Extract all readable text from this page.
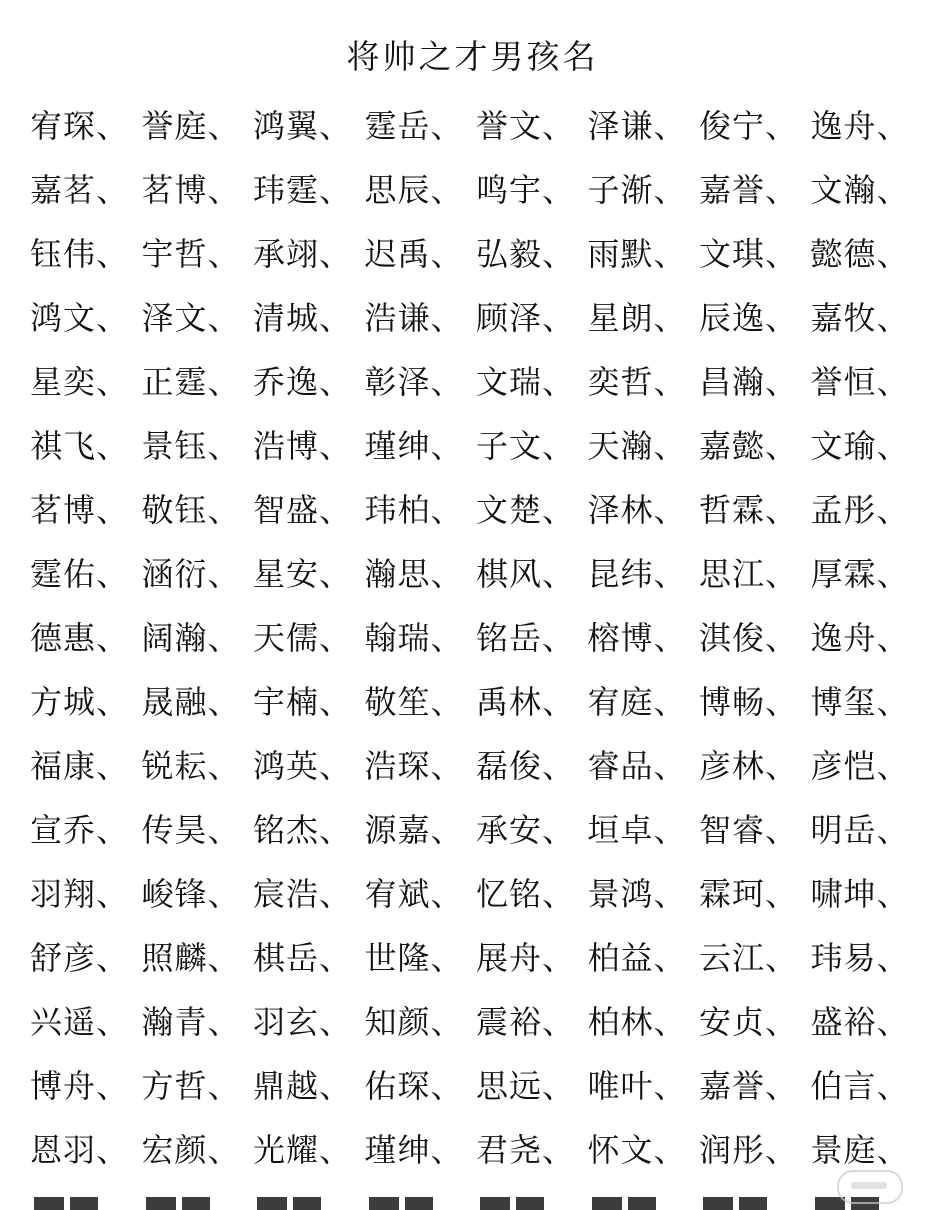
将帅之才男孩名
宥琛、 誉庭、 鸿翼、 霆岳、 誉文、 泽谦、 俊宁、 逸舟、
嘉茗、 茗博、 玮霆、 思辰、 鸣宇、 子渐、 嘉誉、 文瀚、
钰伟、 宇哲、 承翊、 迟禹、 弘毅、 雨默、 文琪、 懿德、
鸿文、 泽文、 清城、 浩谦、 顾泽、 星朗、 辰逸、 嘉牧、
星奕、 正霆、 乔逸、 彰泽、 文瑞、 奕哲、 昌瀚、 誉恒、
祺飞、 景钰、 浩博、 瑾绅、 子文、 天瀚、 嘉懿、 文瑜、
茗博、 敬钰、 智盛、 玮柏、 文楚、 泽林、 哲霖、 孟彤、
霆佑、 涵衍、 星安、 瀚思、 棋风、 昆纬、 思江、 厚霖、
德惠、 阔瀚、 天儒、 翰瑞、 铭岳、 榕博、 淇俊、 逸舟、
方城、 晟融、 宇楠、 敬笙、 禹林、 宥庭、 博畅、 博玺、
福康、 锐耘、 鸿英、 浩琛、 磊俊、 睿品、 彦林、 彦恺、
宣乔、 传昊、 铭杰、 源嘉、 承安、 垣卓、 智睿、 明岳、
羽翔、 峻锋、 宸浩、 宥斌、 忆铭、 景鸿、 霖珂、 啸坤、
舒彦、 照麟、 棋岳、 世隆、 展舟、 柏益、 云江、 玮易、
兴遥、 瀚青、 羽玄、 知颜、 震裕、 柏林、 安贞、 盛裕、
博舟、 方哲、 鼎越、 佑琛、 思远、 唯叶、 嘉誉、 伯言、
恩羽、 宏颜、 光耀、 瑾绅、 君尧、 怀文、 润彤、 景庭、
